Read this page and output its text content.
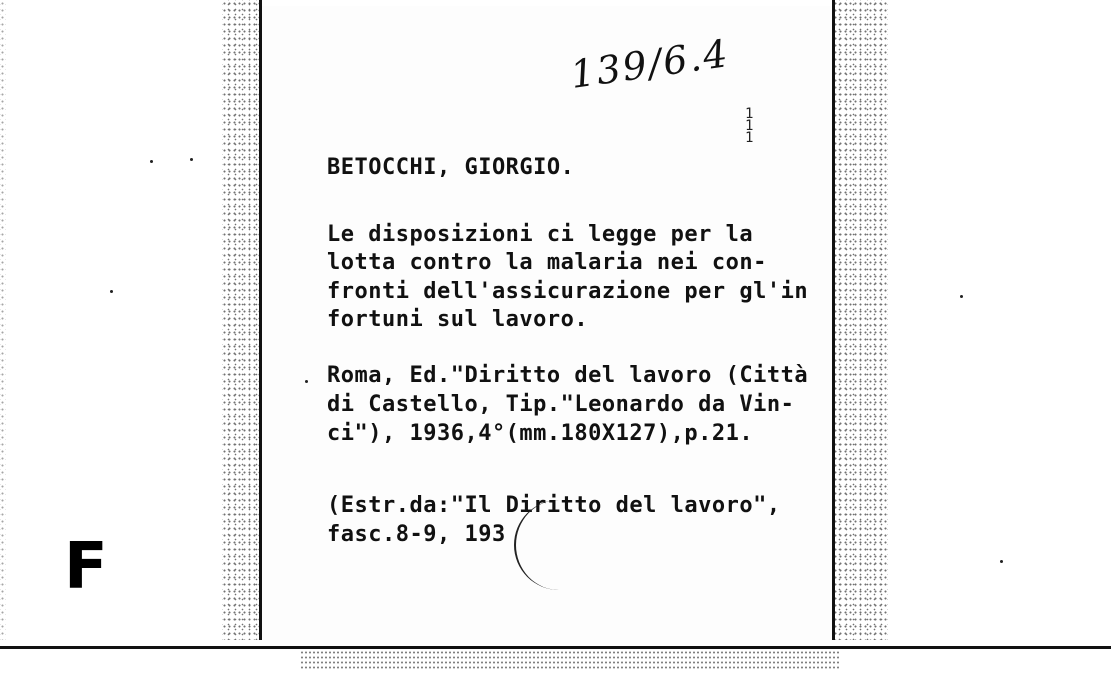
139/6.4
1 1 1
BETOCCHI, GIORGIO.
Le disposizioni ci legge per la
lotta contro la malaria nei con-
fronti dell'assicurazione per gl'in
fortuni sul lavoro.
Roma, Ed."Diritto del lavoro (Città
di Castello, Tip."Leonardo da Vin-
ci"), 1936,4°(mm.180X127),p.21.
(Estr.da:"Il Diritto del lavoro",
fasc.8-9, 193
F
